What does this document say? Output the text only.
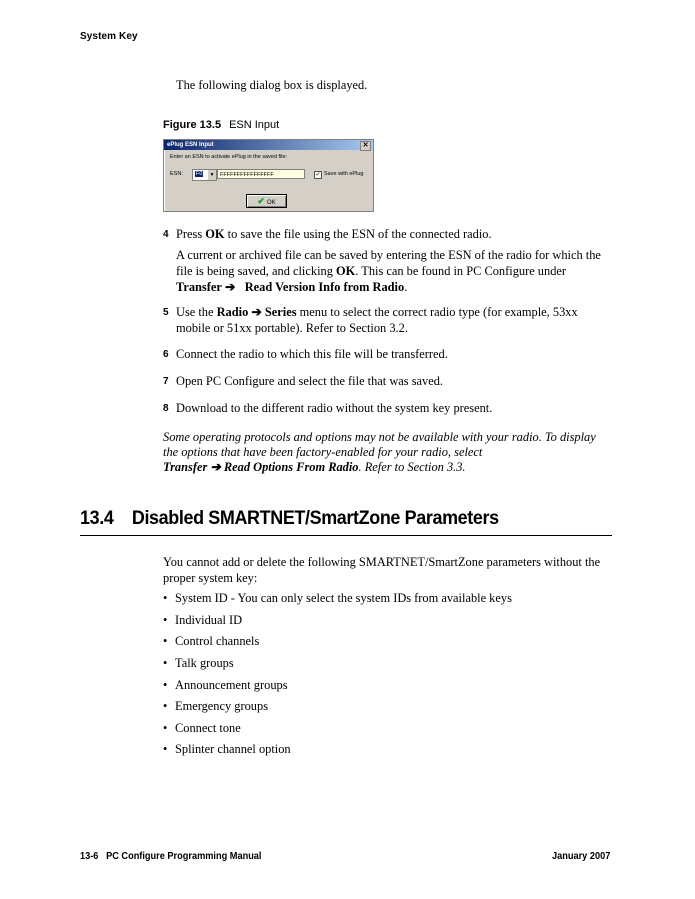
System Key
The following dialog box is displayed.
Figure 13.5 ESN Input
ePlug ESN Input	✕
Enter an ESN to activate ePlug in the saved file:
ESN: F0	▼	FFFFFFFFFFFFFFFF	✓ Save with ePlug
✔ OK
4 Press OK to save the file using the ESN of the connected radio.
A current or archived file can be saved by entering the ESN of the radio for which the
file is being saved, and clicking OK. This can be found in PC Configure under
Transfer ➔ Read Version Info from Radio.
5 Use the Radio ➔ Series menu to select the correct radio type (for example, 53xx
mobile or 51xx portable). Refer to Section 3.2.
6 Connect the radio to which this file will be transferred.
7 Open PC Configure and select the file that was saved.
8 Download to the different radio without the system key present.
Some operating protocols and options may not be available with your radio. To display
the options that have been factory-enabled for your radio, select
Transfer ➔ Read Options From Radio. Refer to Section 3.3.
13.4 Disabled SMARTNET/SmartZone Parameters
You cannot add or delete the following SMARTNET/SmartZone parameters without the
proper system key:
• System ID - You can only select the system IDs from available keys
• Individual ID
• Control channels
• Talk groups
• Announcement groups
• Emergency groups
• Connect tone
• Splinter channel option
13-6 PC Configure Programming Manual	January 2007
